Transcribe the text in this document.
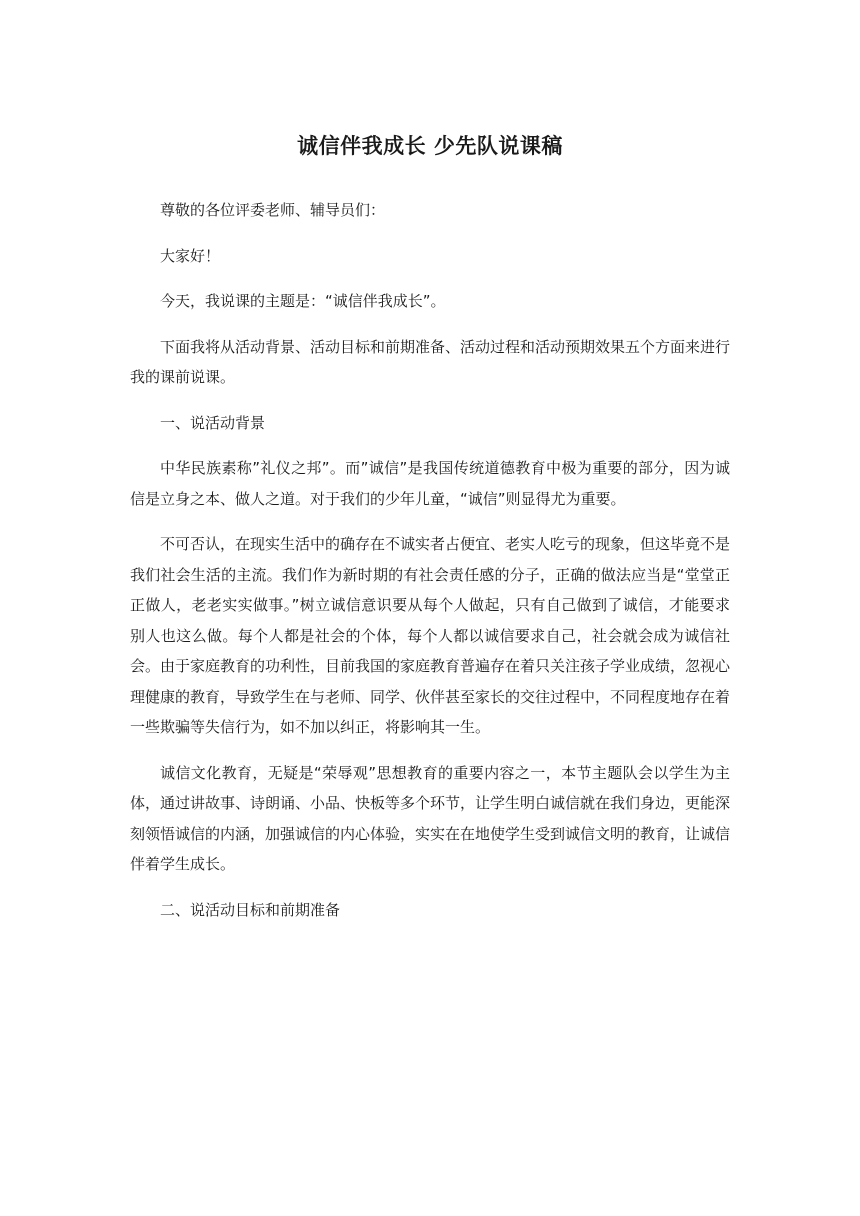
诚信伴我成长 少先队说课稿

尊敬的各位评委老师、辅导员们：

大家好！

今天，我说课的主题是：“诚信伴我成长”。

下面我将从活动背景、活动目标和前期准备、活动过程和活动预期效果五个方面来进行我的课前说课。

一、说活动背景

中华民族素称”礼仪之邦”。而”诚信”是我国传统道德教育中极为重要的部分，因为诚信是立身之本、做人之道。对于我们的少年儿童，“诚信”则显得尤为重要。

不可否认，在现实生活中的确存在不诚实者占便宜、老实人吃亏的现象，但这毕竟不是我们社会生活的主流。我们作为新时期的有社会责任感的分子，正确的做法应当是“堂堂正正做人，老老实实做事。”树立诚信意识要从每个人做起，只有自己做到了诚信，才能要求别人也这么做。每个人都是社会的个体，每个人都以诚信要求自己，社会就会成为诚信社会。由于家庭教育的功利性，目前我国的家庭教育普遍存在着只关注孩子学业成绩，忽视心理健康的教育，导致学生在与老师、同学、伙伴甚至家长的交往过程中，不同程度地存在着一些欺骗等失信行为，如不加以纠正，将影响其一生。

诚信文化教育，无疑是“荣辱观”思想教育的重要内容之一，本节主题队会以学生为主体，通过讲故事、诗朗诵、小品、快板等多个环节，让学生明白诚信就在我们身边，更能深刻领悟诚信的内涵，加强诚信的内心体验，实实在在地使学生受到诚信文明的教育，让诚信伴着学生成长。

二、说活动目标和前期准备
